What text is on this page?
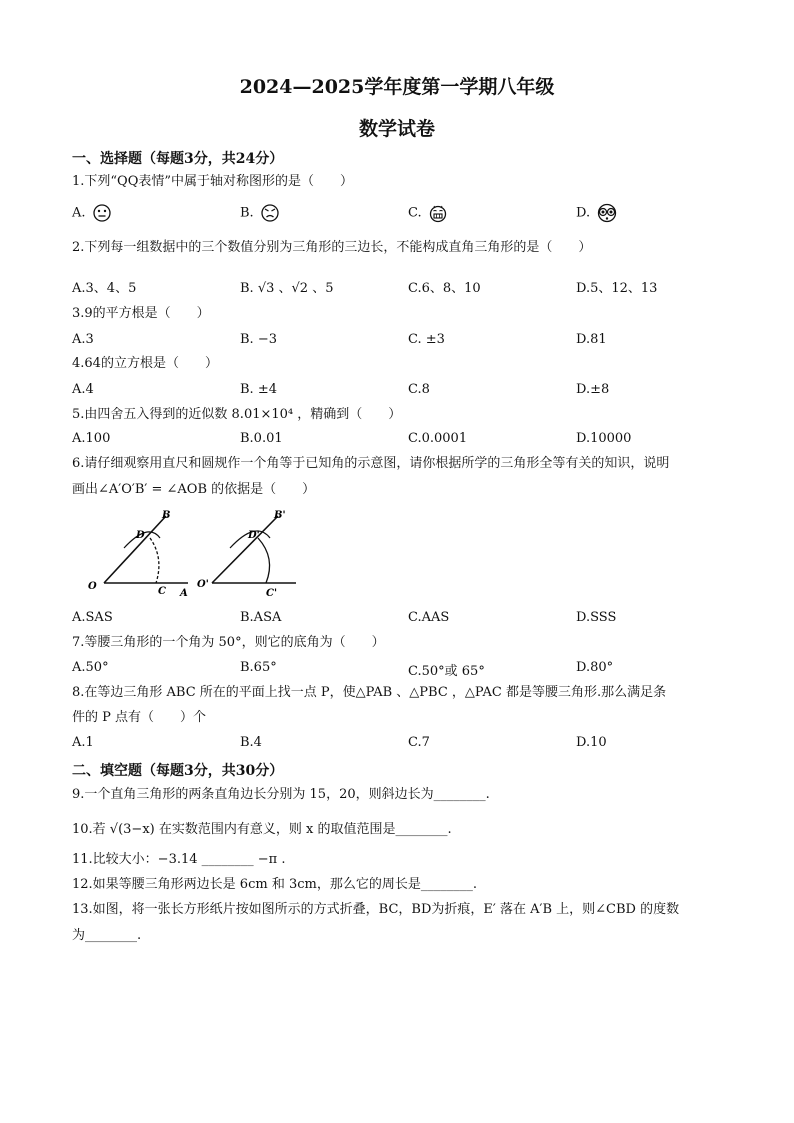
2024—2025学年度第一学期八年级
数学试卷
一、选择题（每题3分，共24分）
1.下列“QQ表情”中属于轴对称图形的是（　　）
A.	B.	C.	D.
2.下列每一组数据中的三个数值分别为三角形的三边长，不能构成直角三角形的是（　　）
A.3、4、5	B. √3 、√2 、5	C.6、8、10	D.5、12、13
3.9的平方根是（　　）
A.3	B. −3	C. ±3	D.81
4.64的立方根是（　　）
A.4	B. ±4	C.8	D.±8
5.由四舍五入得到的近似数 8.01×10⁴ ，精确到（　　）
A.100	B.0.01	C.0.0001	D.10000
6.请仔细观察用直尺和圆规作一个角等于已知角的示意图，请你根据所学的三角形全等有关的知识，说明
画出∠A′O′B′ = ∠AOB 的依据是（　　）
B
D
O	C A
B'
D'
O'
C'
A.SAS	B.ASA	C.AAS	D.SSS
7.等腰三角形的一个角为 50°，则它的底角为（　　）
A.50°	B.65°	C.50°或 65°	D.80°
8.在等边三角形 ABC 所在的平面上找一点 P，使△PAB 、△PBC ，△PAC 都是等腰三角形.那么满足条
件的 P 点有（　　）个
A.1	B.4	C.7	D.10
二、填空题（每题3分，共30分）
9.一个直角三角形的两条直角边长分别为 15，20，则斜边长为________.
10.若 √(3−x) 在实数范围内有意义，则 x 的取值范围是________.
11.比较大小：−3.14 ________ −π .
12.如果等腰三角形两边长是 6cm 和 3cm，那么它的周长是________.
13.如图，将一张长方形纸片按如图所示的方式折叠，BC，BD为折痕，E′ 落在 A′B 上，则∠CBD 的度数
为________.
